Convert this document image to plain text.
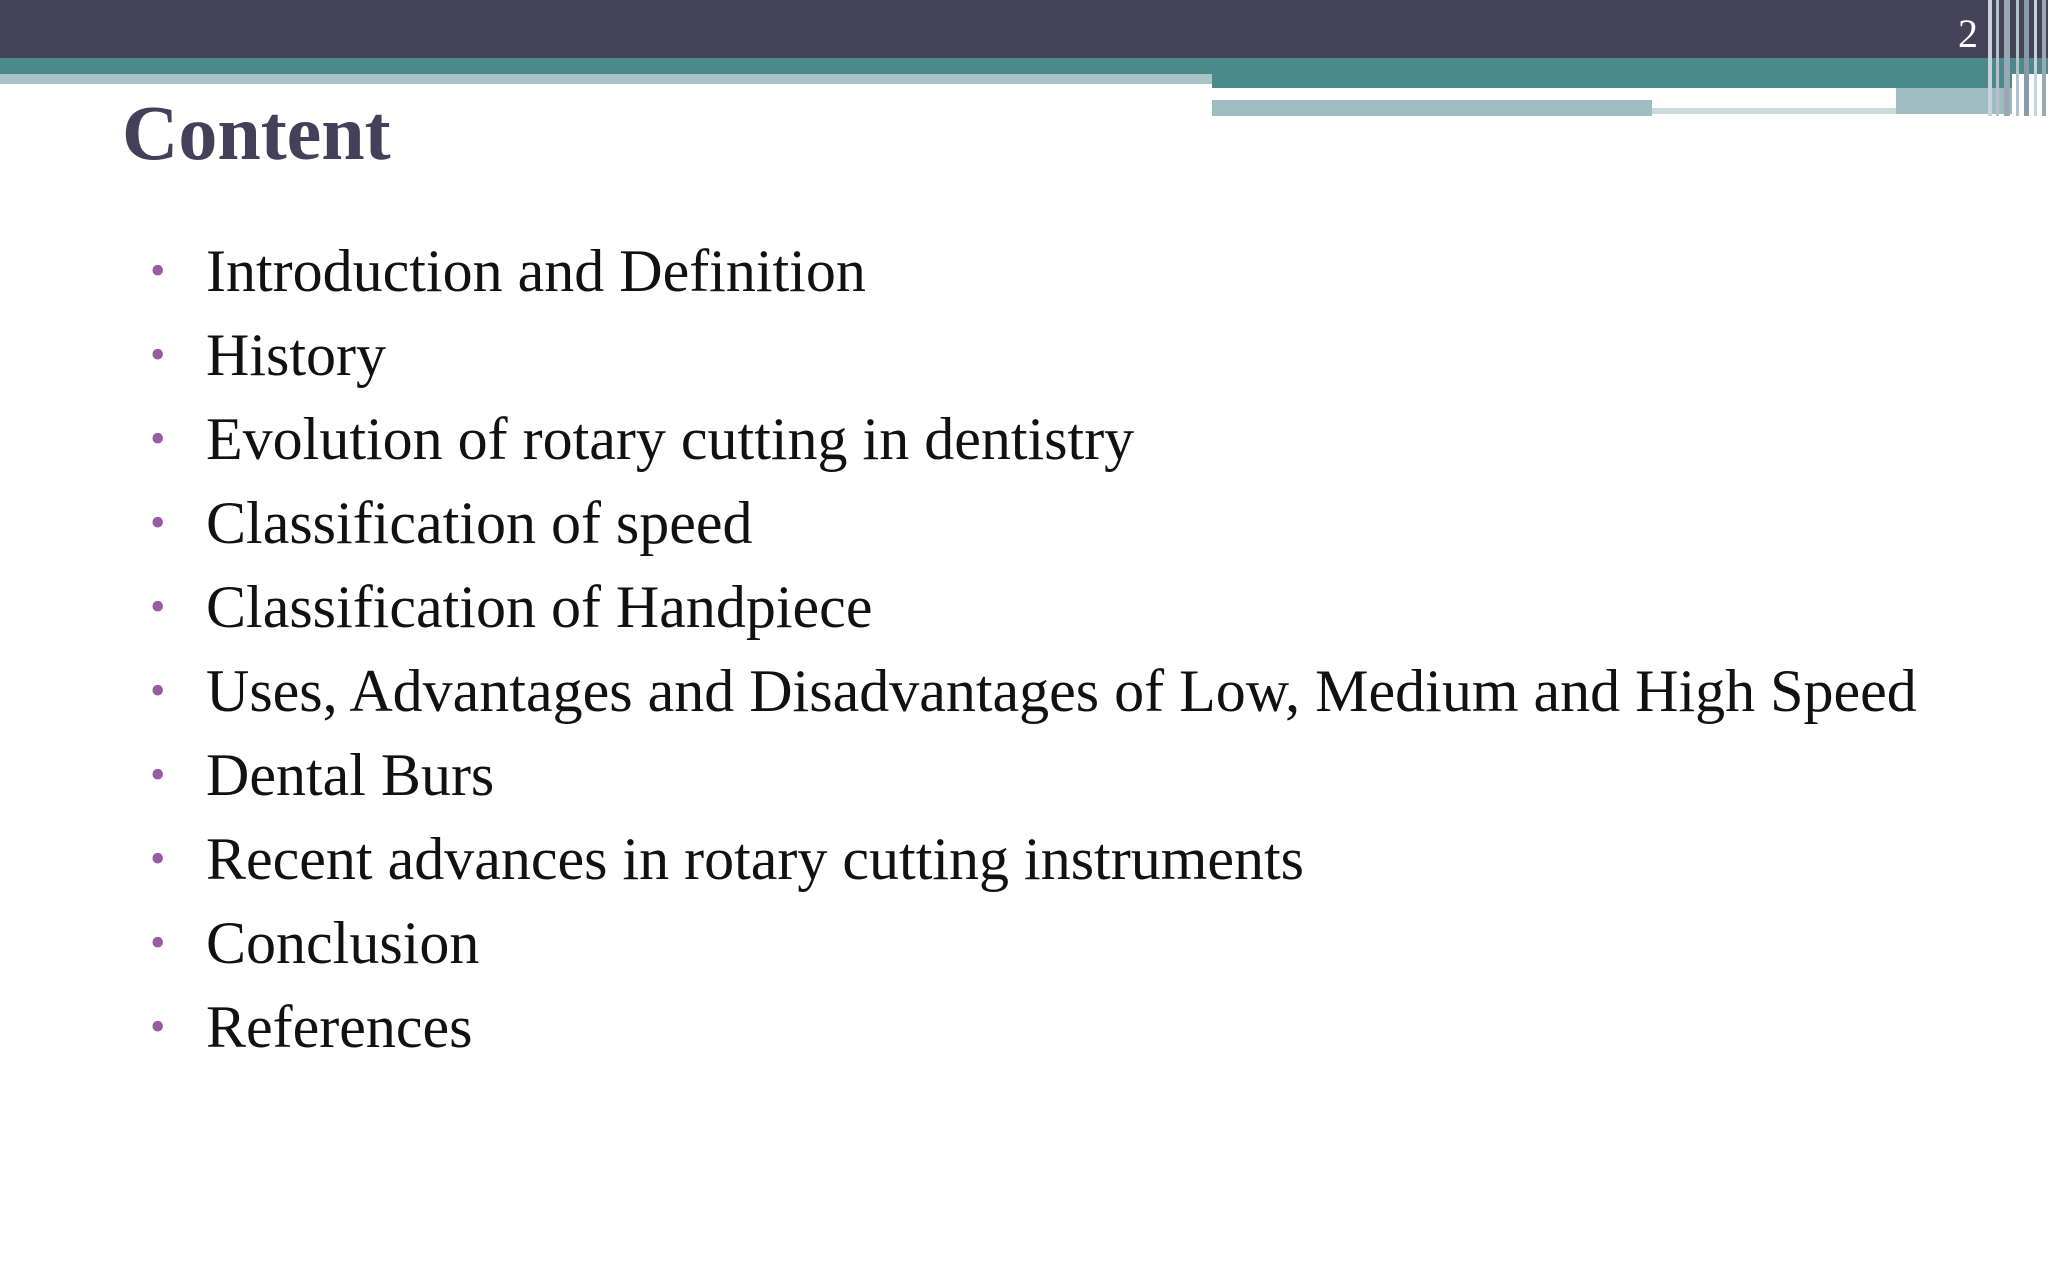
2
Content
• Introduction and Definition
• History
• Evolution of rotary cutting in dentistry
• Classification of speed
• Classification of Handpiece
• Uses, Advantages and Disadvantages of Low, Medium and High Speed
• Dental Burs
• Recent advances in rotary cutting instruments
• Conclusion
• References
